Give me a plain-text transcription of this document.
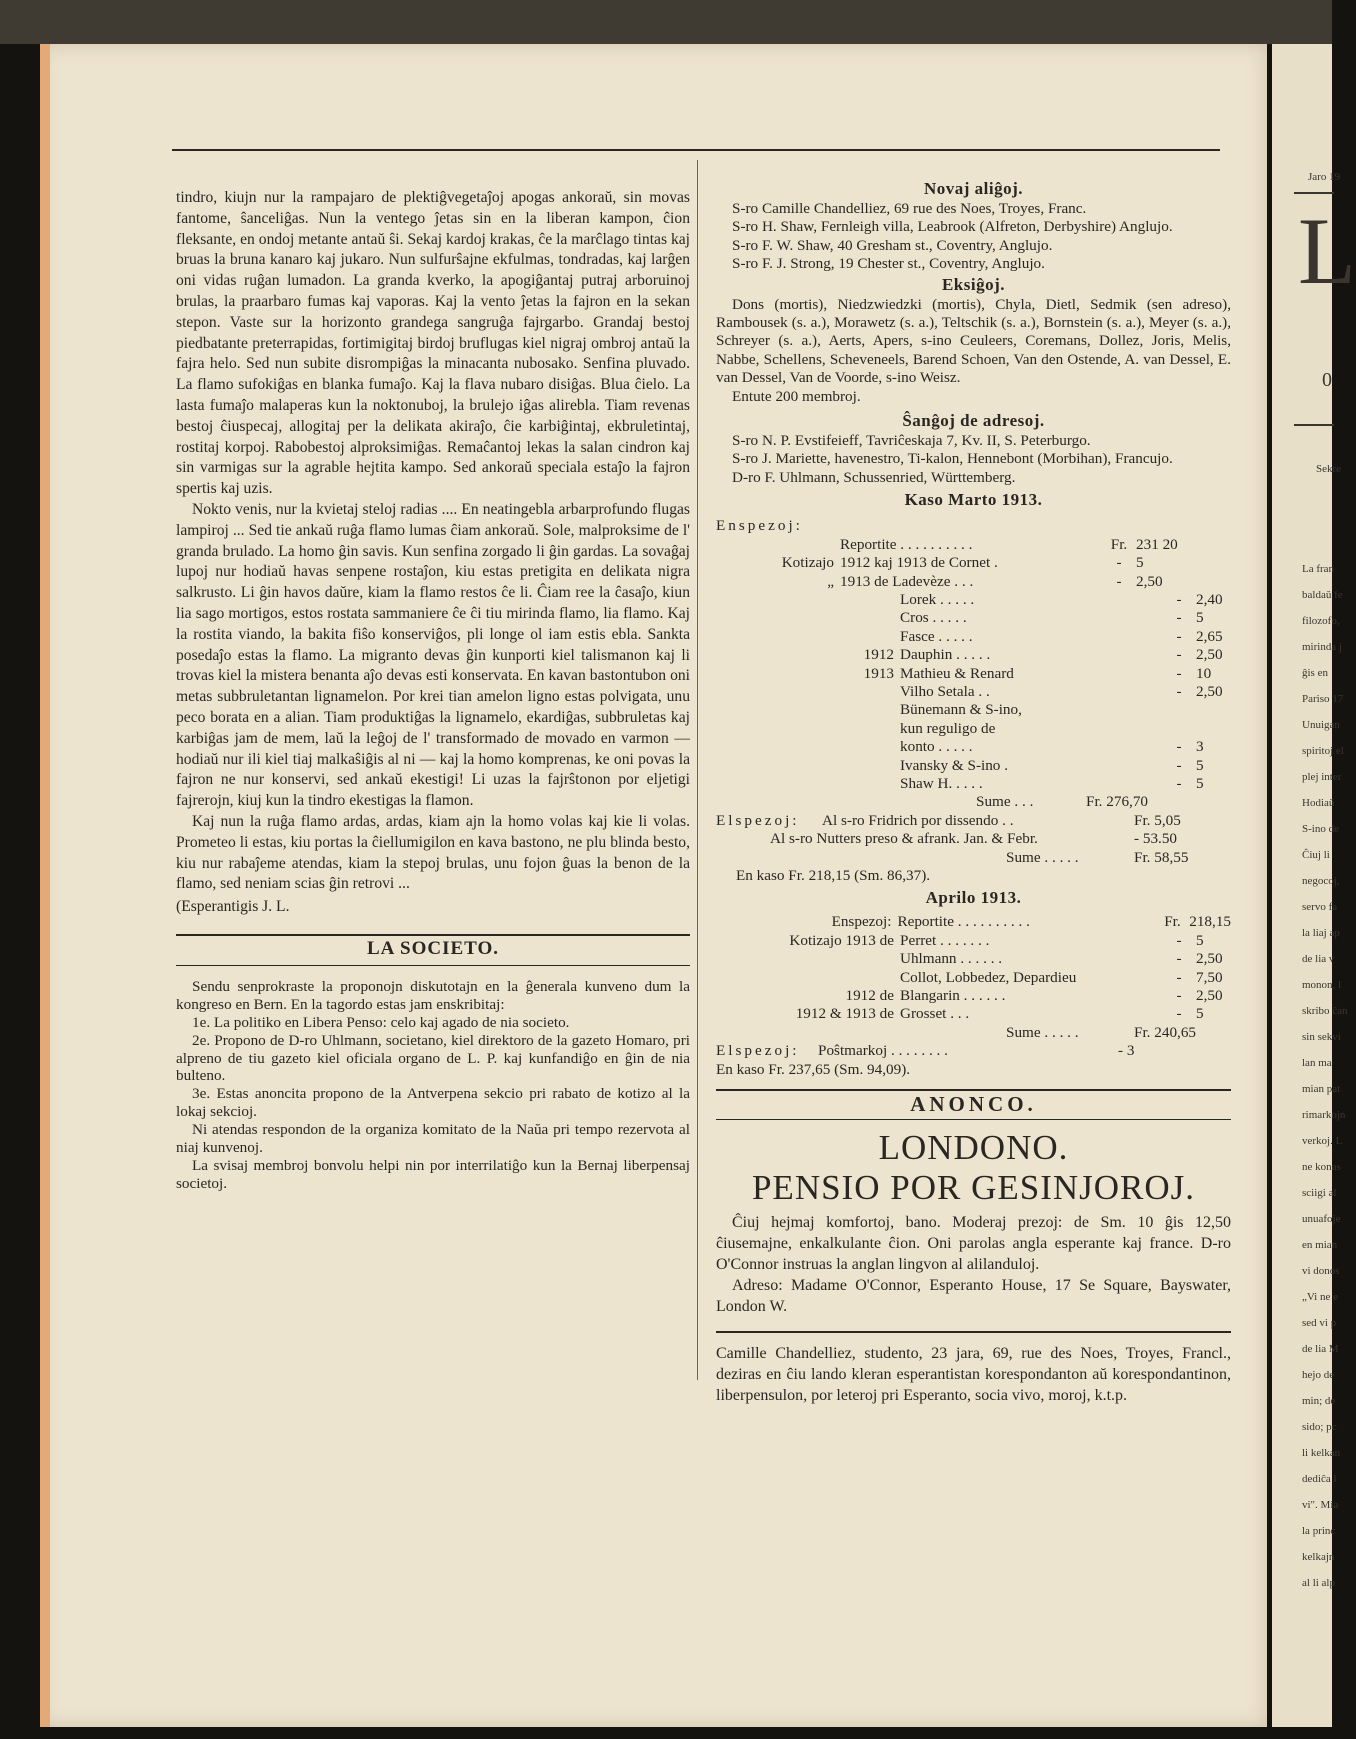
Jaro 19
L
0
Sekre
La fran
baldaŭ fe
filozofo,
mirinda j
ĝis en
Pariso 17
Unuigan
spiritoj el
plej inter
Hodiaŭ
S-ino de
Ĉiuj li
negocoj,
servo fa
la liaj ap
de lia v
monon, l
skribo ĉan
sin sekvi
lan ma
mian pat
rimarkojn
verkoj. L
ne konas
sciigi al
unuafoje
en mian
vi donos
„Vi ne e
sed vi p
de lia M
hejo de
min; de
sido; pc
li kelkan
dediĉa l
vi". Mia
la princ
kelkajn
al li alp

tindro, kiujn nur la rampajaro de plektiĝvegetaĵoj apogas ankoraŭ, sin movas fantome, ŝanceliĝas. Nun la ventego ĵetas sin en la liberan kampon, ĉion fleksante, en ondoj metante antaŭ ŝi. Sekaj kardoj krakas, ĉe la marĉlago tintas kaj bruas la bruna kanaro kaj jukaro. Nun sulfurŝajne ekfulmas, tondradas, kaj larĝen oni vidas ruĝan lumadon. La granda kverko, la apogiĝantaj putraj arboruinoj brulas, la praarbaro fumas kaj vaporas. Kaj la vento ĵetas la fajron en la sekan stepon. Vaste sur la horizonto grandega sangruĝa fajrgarbo. Grandaj bestoj piedbatante preterrapidas, fortimigitaj birdoj bruflugas kiel nigraj ombroj antaŭ la fajra helo. Sed nun subite disrompiĝas la minacanta nubosako. Senfina pluvado. La flamo sufokiĝas en blanka fumaĵo. Kaj la flava nubaro disiĝas. Blua ĉielo. La lasta fumaĵo malaperas kun la noktonuboj, la brulejo iĝas alirebla. Tiam revenas bestoj ĉiuspecaj, allogitaj per la delikata akiraĵo, ĉie karbiĝintaj, ekbruletintaj, rostitaj korpoj. Rabobestoj alproksimiĝas. Remaĉantoj lekas la salan cindron kaj sin varmigas sur la agrable hejtita kampo. Sed ankoraŭ speciala estaĵo la fajron spertis kaj uzis.

Nokto venis, nur la kvietaj steloj radias .... En neatingebla arbarprofundo flugas lampiroj ... Sed tie ankaŭ ruĝa flamo lumas ĉiam ankoraŭ. Sole, malproksime de l' granda brulado. La homo ĝin savis. Kun senfina zorgado li ĝin gardas. La sovaĝaj lupoj nur hodiaŭ havas senpene rostaĵon, kiu estas pretigita en delikata nigra salkrusto. Li ĝin havos daŭre, kiam la flamo restos ĉe li. Ĉiam ree la ĉasaĵo, kiun lia sago mortigos, estos rostata sammaniere ĉe ĉi tiu mirinda flamo, lia flamo. Kaj la rostita viando, la bakita fiŝo konserviĝos, pli longe ol iam estis ebla. Sankta posedaĵo estas la flamo. La migranto devas ĝin kunporti kiel talismanon kaj li trovas kiel la mistera benanta aĵo devas esti konservata. En kavan bastontubon oni metas subbruletantan lignamelon. Por krei tian amelon ligno estas polvigata, unu peco borata en a alian. Tiam produktiĝas la lignamelo, ekardiĝas, subbruletas kaj karbiĝas jam de mem, laŭ la leĝoj de l' transformado de movado en varmon — hodiaŭ nur ili kiel tiaj malkaŝiĝis al ni — kaj la homo komprenas, ke oni povas la fajron ne nur konservi, sed ankaŭ ekestigi! Li uzas la fajrŝtonon por eljetigi fajrerojn, kiuj kun la tindro ekestigas la flamon.

Kaj nun la ruĝa flamo ardas, ardas, kiam ajn la homo volas kaj kie li volas. Prometeo li estas, kiu portas la ĉiellumigilon en kava bastono, ne plu blinda besto, kiu nur rabaĵeme atendas, kiam la stepoj brulas, unu fojon ĝuas la benon de la flamo, sed neniam scias ĝin retrovi ...

(Esperantigis J. L.

LA SOCIETO.

Sendu senprokraste la proponojn diskutotajn en la ĝenerala kunveno dum la kongreso en Bern. En la tagordo estas jam enskribitaj:

1e. La politiko en Libera Penso: celo kaj agado de nia societo.

2e. Propono de D-ro Uhlmann, societano, kiel direktoro de la gazeto Homaro, pri alpreno de tiu gazeto kiel oficiala organo de L. P. kaj kunfandiĝo en ĝin de nia bulteno.

3e. Estas anoncita propono de la Antverpena sekcio pri rabato de kotizo al la lokaj sekcioj.

Ni atendas respondon de la organiza komitato de la Naŭa pri tempo rezervota al niaj kunvenoj.

La svisaj membroj bonvolu helpi nin por interrilatiĝo kun la Bernaj liberpensaj societoj.

Novaj aliĝoj.

S-ro Camille Chandelliez, 69 rue des Noes, Troyes, Franc.

S-ro H. Shaw, Fernleigh villa, Leabrook (Alfreton, Derbyshire) Anglujo.

S-ro F. W. Shaw, 40 Gresham st., Coventry, Anglujo.

S-ro F. J. Strong, 19 Chester st., Coventry, Anglujo.

Eksiĝoj.

Dons (mortis), Niedzwiedzki (mortis), Chyla, Dietl, Sedmik (sen adreso), Rambousek (s. a.), Morawetz (s. a.), Teltschik (s. a.), Bornstein (s. a.), Meyer (s. a.), Schreyer (s. a.), Aerts, Apers, s-ino Ceuleers, Coremans, Dollez, Joris, Melis, Nabbe, Schellens, Scheveneels, Barend Schoen, Van den Ostende, A. van Dessel, E. van Dessel, Van de Voorde, s-ino Weisz.

Entute 200 membroj.

Ŝanĝoj de adresoj.

S-ro N. P. Evstifeieff, Tavriĉeskaja 7, Kv. II, S. Peterburgo.

S-ro J. Mariette, havenestro, Ti-kalon, Hennebont (Morbihan), Francujo.

D-ro F. Uhlmann, Schussenried, Württemberg.

Kaso Marto 1913.
Enspezoj:
Reportite . . . . . . . . . .	Fr. 231 20
Kotizajo 1912 kaj 1913 de Cornet .	- 5
„ 1913 de Ladevèze . . .	- 2,50
Lorek . . . . .	- 2,40
Cros . . . . .	- 5
Fasce . . . . .	- 2,65
1912 Dauphin . . . . .	- 2,50
1913 Mathieu & Renard	- 10
Vilho Setala . .	- 2,50
Bünemann & S-ino,
kun reguligo de
konto . . . . .	- 3
Ivansky & S-ino .	- 5
Shaw H. . . . .	- 5
Sume . . .	Fr. 276,70
Elspezoj:	Al s-ro Fridrich por dissendo . .	Fr. 5,05
Al s-ro Nutters preso & afrank. Jan. & Febr.	- 53.50
Sume . . . . .	Fr. 58,55
En kaso Fr. 218,15 (Sm. 86,37).
Aprilo 1913.
Enspezoj: Reportite . . . . . . . . . .	Fr. 218,15
Kotizajo 1913 de Perret . . . . . . .	- 5
Uhlmann . . . . . .	- 2,50
Collot, Lobbedez, Depardieu	- 7,50
1912 de Blangarin . . . . . .	- 2,50
1912 & 1913 de Grosset . . .	- 5
Sume . . . . .	Fr. 240,65
Elspezoj:	Poŝtmarkoj . . . . . . . .	- 3
En kaso Fr. 237,65 (Sm. 94,09).
ANONCO.
LONDONO.
PENSIO POR GESINJOROJ.

Ĉiuj hejmaj komfortoj, bano. Moderaj prezoj: de Sm. 10 ĝis 12,50 ĉiusemajne, enkalkulante ĉion. Oni parolas angla esperante kaj france. D-ro O'Connor instruas la anglan lingvon al alilanduloj.

Adreso: Madame O'Connor, Esperanto House, 17 Se Square, Bayswater, London W.

Camille Chandelliez, studento, 23 jara, 69, rue des Noes, Troyes, Francl., deziras en ĉiu lando kleran esperantistan korespondanton aŭ korespondantinon, liberpensulon, por leteroj pri Esperanto, socia vivo, moroj, k.t.p.
